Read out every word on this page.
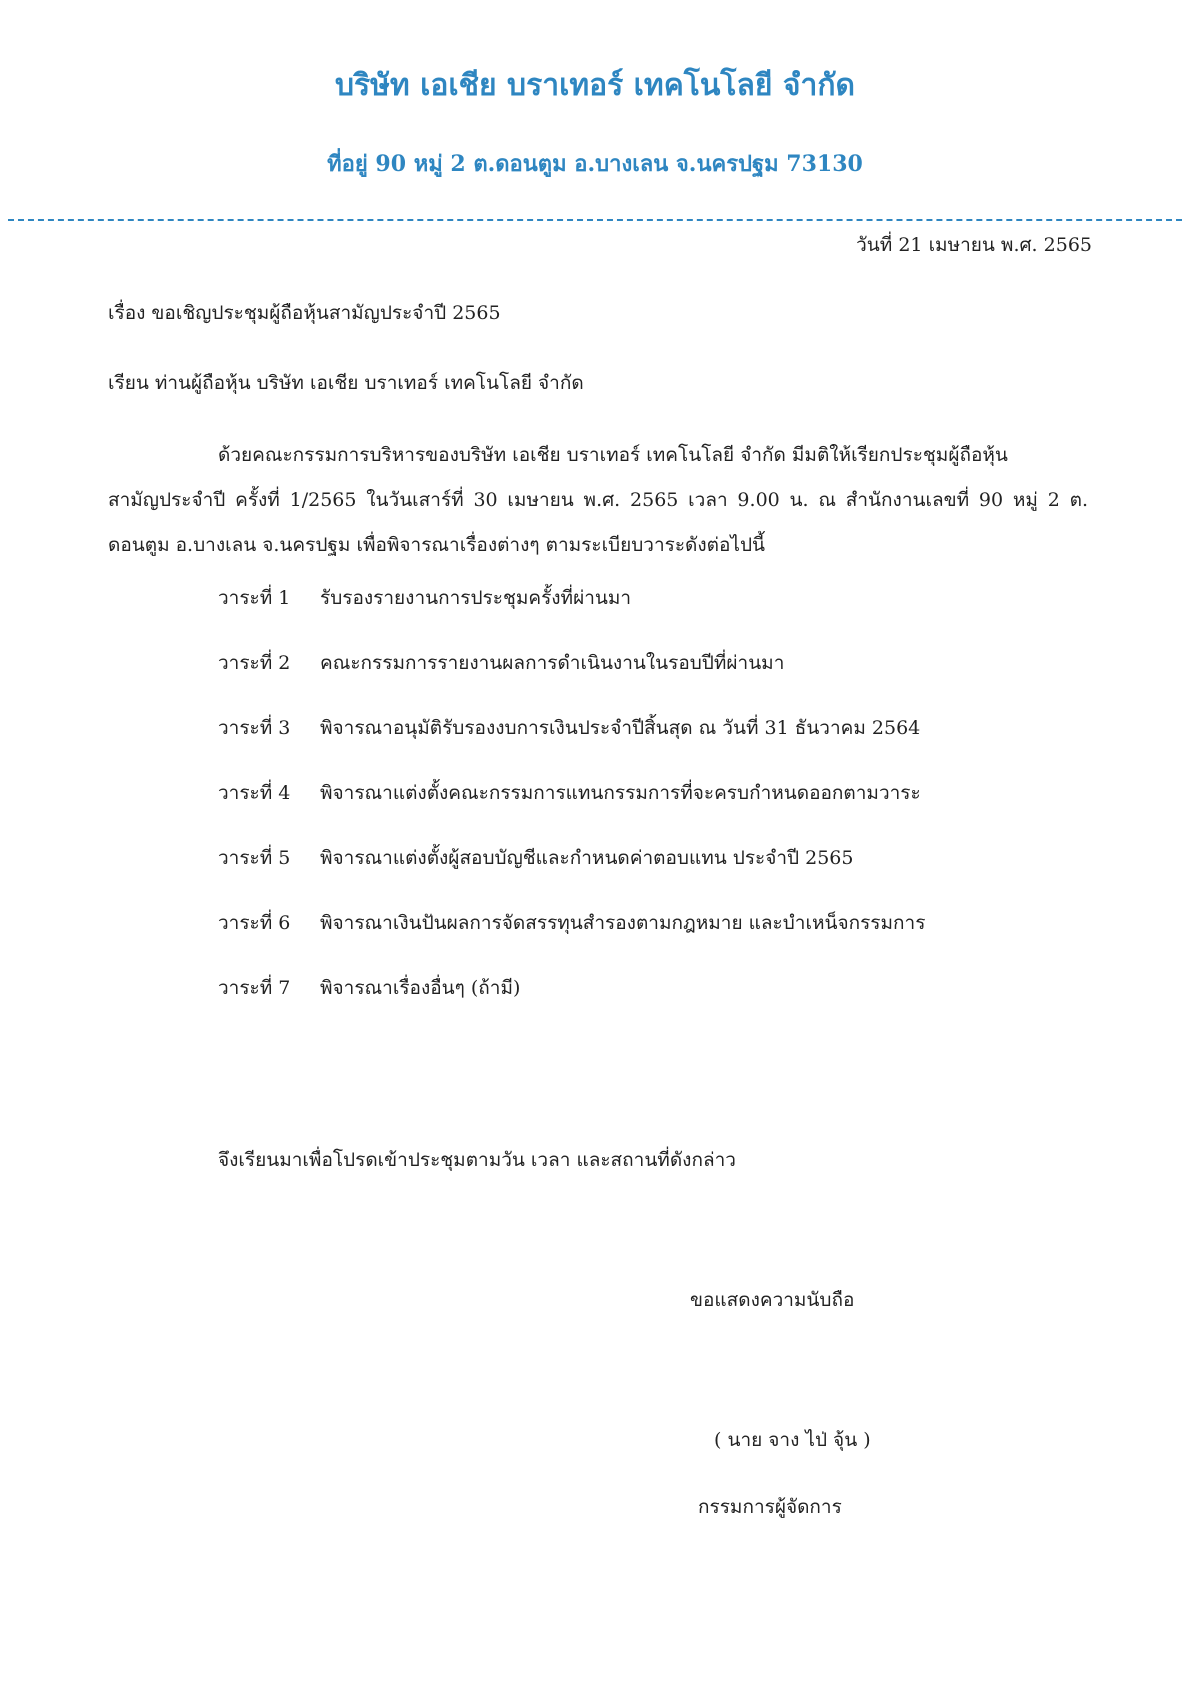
บริษัท เอเชีย บราเทอร์ เทคโนโลยี จำกัด
ที่อยู่ 90 หมู่ 2 ต.ดอนตูม อ.บางเลน จ.นครปฐม 73130
วันที่ 21 เมษายน พ.ศ. 2565
เรื่อง ขอเชิญประชุมผู้ถือหุ้นสามัญประจำปี 2565
เรียน ท่านผู้ถือหุ้น บริษัท เอเชีย บราเทอร์ เทคโนโลยี จำกัด
ด้วยคณะกรรมการบริหารของบริษัท เอเชีย บราเทอร์ เทคโนโลยี จำกัด มีมติให้เรียกประชุมผู้ถือหุ้น
สามัญประจำปี ครั้งที่ 1/2565 ในวันเสาร์ที่ 30 เมษายน พ.ศ. 2565 เวลา 9.00 น. ณ สำนักงานเลขที่ 90 หมู่ 2 ต.
ดอนตูม อ.บางเลน จ.นครปฐม เพื่อพิจารณาเรื่องต่างๆ ตามระเบียบวาระดังต่อไปนี้
วาระที่ 1 รับรองรายงานการประชุมครั้งที่ผ่านมา
วาระที่ 2 คณะกรรมการรายงานผลการดำเนินงานในรอบปีที่ผ่านมา
วาระที่ 3 พิจารณาอนุมัติรับรองงบการเงินประจำปีสิ้นสุด ณ วันที่ 31 ธันวาคม 2564
วาระที่ 4 พิจารณาแต่งตั้งคณะกรรมการแทนกรรมการที่จะครบกำหนดออกตามวาระ
วาระที่ 5 พิจารณาแต่งตั้งผู้สอบบัญชีและกำหนดค่าตอบแทน ประจำปี 2565
วาระที่ 6 พิจารณาเงินปันผลการจัดสรรทุนสำรองตามกฎหมาย และบำเหน็จกรรมการ
วาระที่ 7 พิจารณาเรื่องอื่นๆ (ถ้ามี)
จึงเรียนมาเพื่อโปรดเข้าประชุมตามวัน เวลา และสถานที่ดังกล่าว
ขอแสดงความนับถือ
( นาย จาง ไป่ จุ้น )
กรรมการผู้จัดการ
